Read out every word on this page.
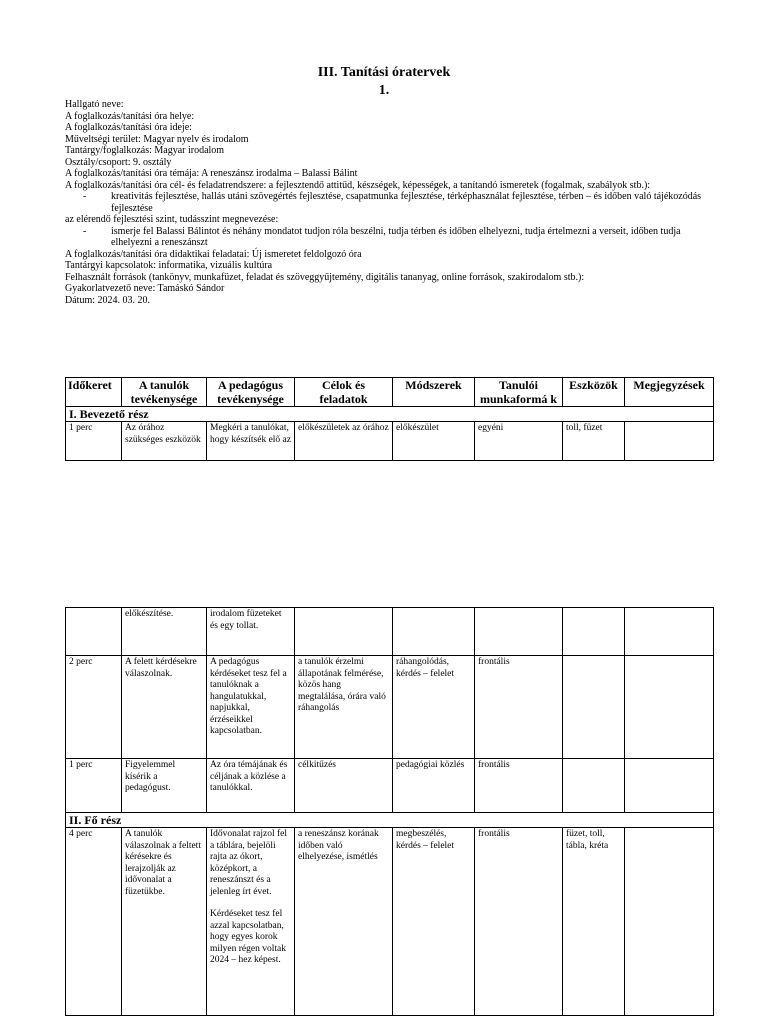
III. Tanítási óratervek
1.

Hallgató neve:

A foglalkozás/tanítási óra helye:

A foglalkozás/tanítási óra ideje:

Műveltségi terület: Magyar nyelv és irodalom

Tantárgy/foglalkozás: Magyar irodalom

Osztály/csoport: 9. osztály

A foglalkozás/tanítási óra témája: A reneszánsz irodalma – Balassi Bálint

A foglalkozás/tanítási óra cél- és feladatrendszere: a fejlesztendő attitűd, készségek, képességek, a tanítandó ismeretek (fogalmak, szabályok stb.):

- kreativitás fejlesztése, hallás utáni szövegértés fejlesztése, csapatmunka fejlesztése, térképhasználat fejlesztése, térben – és időben való tájékozódás fejlesztése

az elérendő fejlesztési szint, tudásszint megnevezése:

- ismerje fel Balassi Bálintot és néhány mondatot tudjon róla beszélni, tudja térben és időben elhelyezni, tudja értelmezni a verseit, időben tudja elhelyezni a reneszánszt

A foglalkozás/tanítási óra didaktikai feladatai: Új ismeretet feldolgozó óra

Tantárgyi kapcsolatok: informatika, vizuális kultúra

Felhasznált források (tankönyv, munkafüzet, feladat és szöveggyűjtemény, digitális tananyag, online források, szakirodalom stb.):

Gyakorlatvezető neve: Tamáskó Sándor

Dátum: 2024. 03. 20.

Időkeret	A tanulók tevékenysége	A pedagógus tevékenysége	Célok és feladatok	Módszerek	Tanulói munkaformá k	Eszközök	Megjegyzések
I. Bevezető rész							
1 perc	Az órához szükséges eszközök	Megkéri a tanulókat, hogy készítsék elő az	előkészületek az órához	előkészület	egyéni	toll, füzet	
	előkészítése.	irodalom füzeteket és egy tollat.					
2 perc	A felett kérdésekre válaszolnak.	A pedagógus kérdéseket tesz fel a tanulóknak a hangulatukkal, napjukkal, érzéseikkel kapcsolatban.	a tanulók érzelmi állapotának felmérése, közös hang megtalálása, órára való ráhangolás	ráhangolódás, kérdés – felelet	frontális		
1 perc	Figyelemmel kísérik a pedagógust.	Az óra témájának és céljának a közlése a tanulókkal.	célkitűzés	pedagógiai közlés	frontális		
II. Fő rész							
4 perc	A tanulók válaszolnak a feltett kérésekre és lerajzolják az idővonalat a füzetükbe.	Idővonalat rajzol fel a táblára, bejelöli rajta az ókort, középkort, a reneszánszt és a jelenleg írt évet.
Kérdéseket tesz fel azzal kapcsolatban, hogy egyes korok milyen régen voltak 2024 – hez képest.	a reneszánsz korának időben való elhelyezése, ismétlés	megbeszélés, kérdés – felelet	frontális	füzet, toll, tábla, kréta	
